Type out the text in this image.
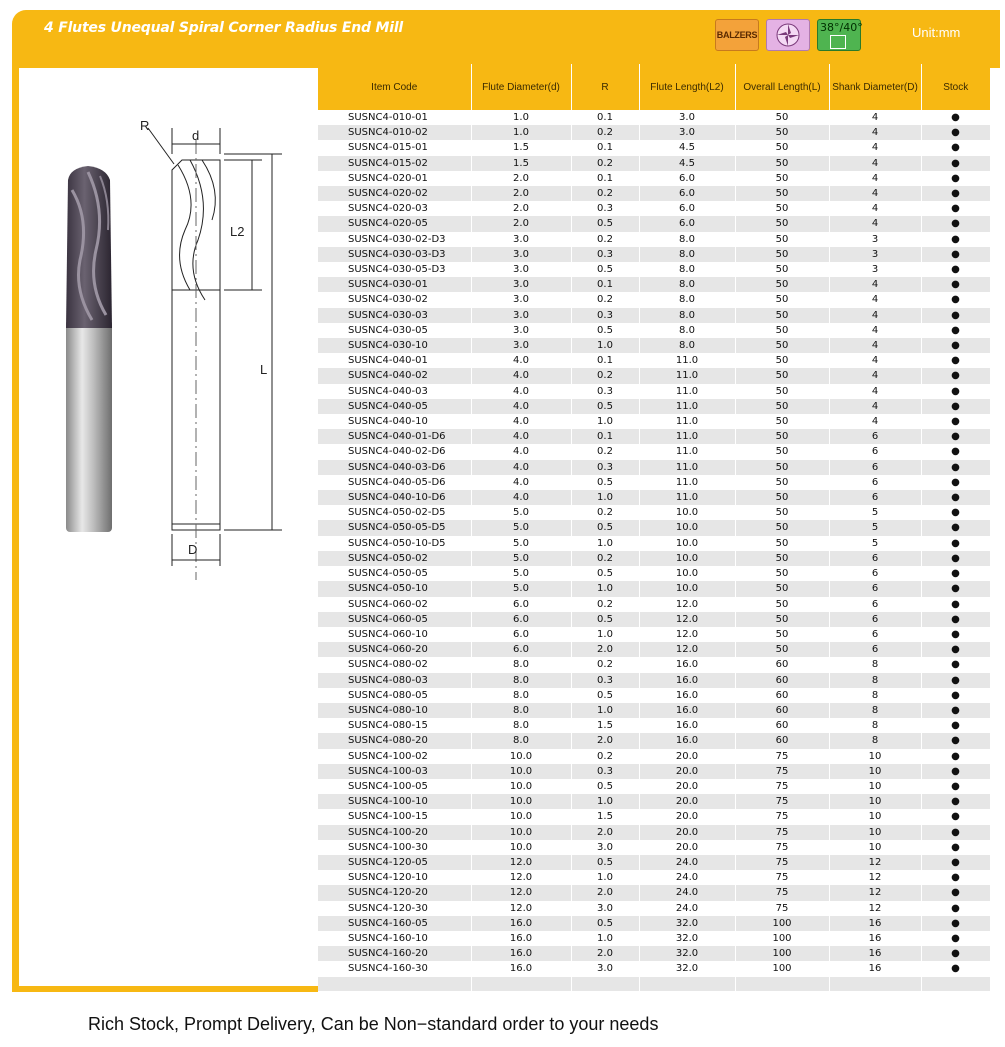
4 Flutes Unequal Spiral Corner Radius End Mill	BALZERS
38°/40°	Unit:mm
R
d
L2
L
D
Item Code	Flute Diameter(d)	R	Flute Length(L2)	Overall Length(L)	Shank Diameter(D)	Stock
SUSNC4-010-01	1.0	0.1	3.0	50	4	●
SUSNC4-010-02	1.0	0.2	3.0	50	4	●
SUSNC4-015-01	1.5	0.1	4.5	50	4	●
SUSNC4-015-02	1.5	0.2	4.5	50	4	●
SUSNC4-020-01	2.0	0.1	6.0	50	4	●
SUSNC4-020-02	2.0	0.2	6.0	50	4	●
SUSNC4-020-03	2.0	0.3	6.0	50	4	●
SUSNC4-020-05	2.0	0.5	6.0	50	4	●
SUSNC4-030-02-D3	3.0	0.2	8.0	50	3	●
SUSNC4-030-03-D3	3.0	0.3	8.0	50	3	●
SUSNC4-030-05-D3	3.0	0.5	8.0	50	3	●
SUSNC4-030-01	3.0	0.1	8.0	50	4	●
SUSNC4-030-02	3.0	0.2	8.0	50	4	●
SUSNC4-030-03	3.0	0.3	8.0	50	4	●
SUSNC4-030-05	3.0	0.5	8.0	50	4	●
SUSNC4-030-10	3.0	1.0	8.0	50	4	●
SUSNC4-040-01	4.0	0.1	11.0	50	4	●
SUSNC4-040-02	4.0	0.2	11.0	50	4	●
SUSNC4-040-03	4.0	0.3	11.0	50	4	●
SUSNC4-040-05	4.0	0.5	11.0	50	4	●
SUSNC4-040-10	4.0	1.0	11.0	50	4	●
SUSNC4-040-01-D6	4.0	0.1	11.0	50	6	●
SUSNC4-040-02-D6	4.0	0.2	11.0	50	6	●
SUSNC4-040-03-D6	4.0	0.3	11.0	50	6	●
SUSNC4-040-05-D6	4.0	0.5	11.0	50	6	●
SUSNC4-040-10-D6	4.0	1.0	11.0	50	6	●
SUSNC4-050-02-D5	5.0	0.2	10.0	50	5	●
SUSNC4-050-05-D5	5.0	0.5	10.0	50	5	●
SUSNC4-050-10-D5	5.0	1.0	10.0	50	5	●
SUSNC4-050-02	5.0	0.2	10.0	50	6	●
SUSNC4-050-05	5.0	0.5	10.0	50	6	●
SUSNC4-050-10	5.0	1.0	10.0	50	6	●
SUSNC4-060-02	6.0	0.2	12.0	50	6	●
SUSNC4-060-05	6.0	0.5	12.0	50	6	●
SUSNC4-060-10	6.0	1.0	12.0	50	6	●
SUSNC4-060-20	6.0	2.0	12.0	50	6	●
SUSNC4-080-02	8.0	0.2	16.0	60	8	●
SUSNC4-080-03	8.0	0.3	16.0	60	8	●
SUSNC4-080-05	8.0	0.5	16.0	60	8	●
SUSNC4-080-10	8.0	1.0	16.0	60	8	●
SUSNC4-080-15	8.0	1.5	16.0	60	8	●
SUSNC4-080-20	8.0	2.0	16.0	60	8	●
SUSNC4-100-02	10.0	0.2	20.0	75	10	●
SUSNC4-100-03	10.0	0.3	20.0	75	10	●
SUSNC4-100-05	10.0	0.5	20.0	75	10	●
SUSNC4-100-10	10.0	1.0	20.0	75	10	●
SUSNC4-100-15	10.0	1.5	20.0	75	10	●
SUSNC4-100-20	10.0	2.0	20.0	75	10	●
SUSNC4-100-30	10.0	3.0	20.0	75	10	●
SUSNC4-120-05	12.0	0.5	24.0	75	12	●
SUSNC4-120-10	12.0	1.0	24.0	75	12	●
SUSNC4-120-20	12.0	2.0	24.0	75	12	●
SUSNC4-120-30	12.0	3.0	24.0	75	12	●
SUSNC4-160-05	16.0	0.5	32.0	100	16	●
SUSNC4-160-10	16.0	1.0	32.0	100	16	●
SUSNC4-160-20	16.0	2.0	32.0	100	16	●
SUSNC4-160-30	16.0	3.0	32.0	100	16	●

Rich Stock, Prompt Delivery, Can be Non−standard order to your needs
